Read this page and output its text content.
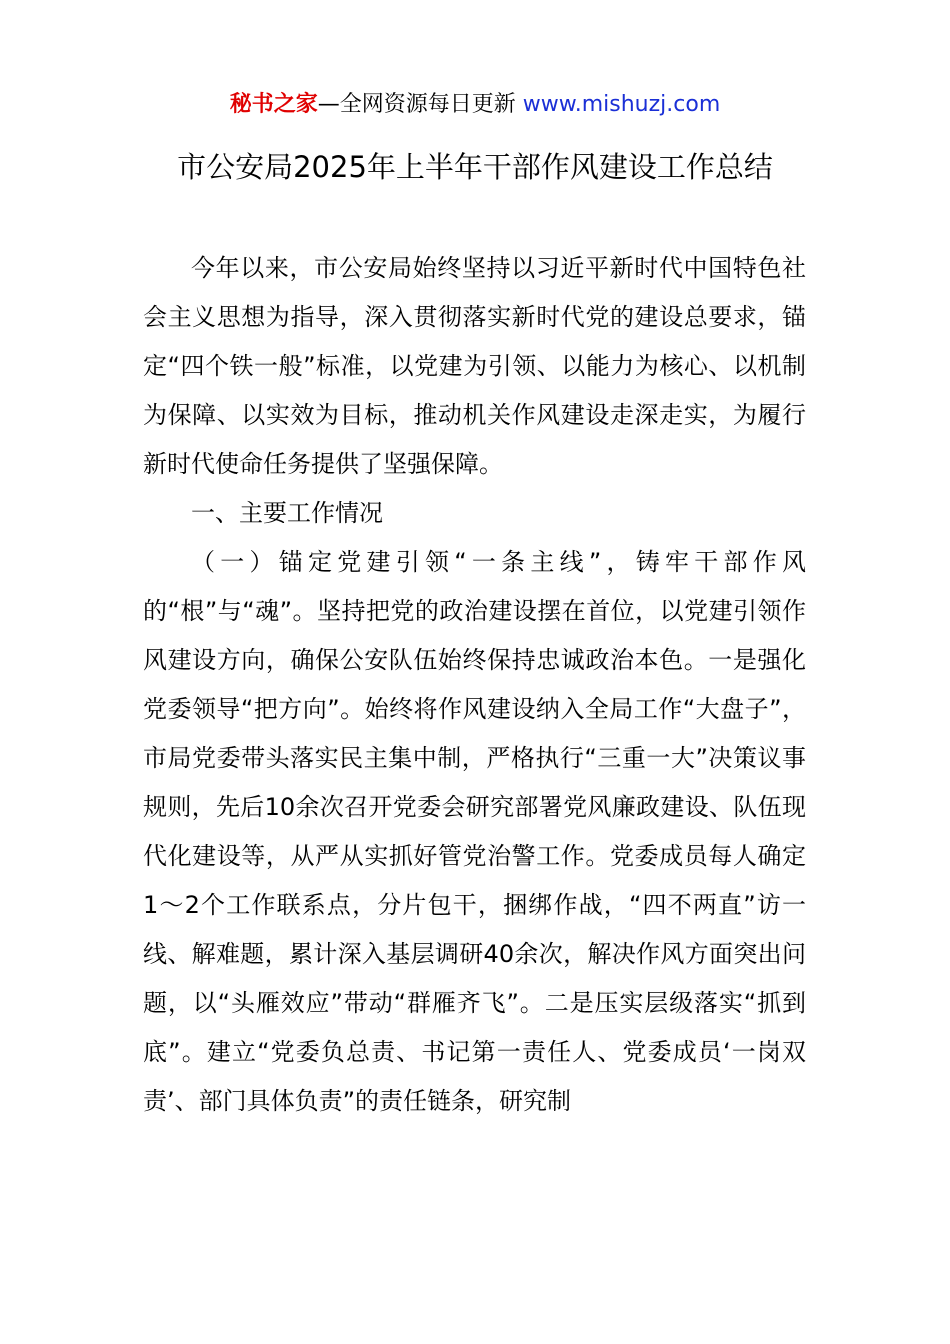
秘书之家—全网资源每日更新 www.mishuzj.com
市公安局2025年上半年干部作风建设工作总结

今年以来，市公安局始终坚持以习近平新时代中国特色社会主义思想为指导，深入贯彻落实新时代党的建设总要求，锚定“四个铁一般”标准，以党建为引领、以能力为核心、以机制为保障、以实效为目标，推动机关作风建设走深走实，为履行新时代使命任务提供了坚强保障。

一、主要工作情况

（一）锚定党建引领“一条主线”，铸牢干部作风的“根”与“魂”。坚持把党的政治建设摆在首位，以党建引领作风建设方向，确保公安队伍始终保持忠诚政治本色。一是强化党委领导“把方向”。始终将作风建设纳入全局工作“大盘子”，市局党委带头落实民主集中制，严格执行“三重一大”决策议事规则，先后10余次召开党委会研究部署党风廉政建设、队伍现代化建设等，从严从实抓好管党治警工作。党委成员每人确定1～2个工作联系点，分片包干，捆绑作战，“四不两直”访一线、解难题，累计深入基层调研40余次，解决作风方面突出问题，以“头雁效应”带动“群雁齐飞”。二是压实层级落实“抓到底”。建立“党委负总责、书记第一责任人、党委成员‘一岗双责’、部门具体负责”的责任链条，研究制
